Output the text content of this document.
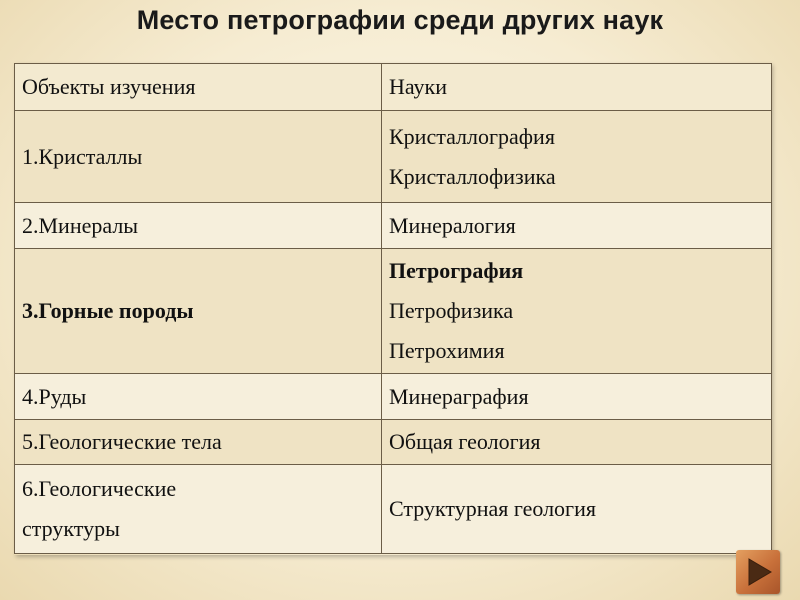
Место петрографии среди других наук
Объекты изучения	Науки
1.Кристаллы	Кристаллография
Кристаллофизика

2.Минералы	Минералогия

3.Горные породы	Петрография
Петрофизика
Петрохимия

4.Руды	Минераграфия

5.Геологические тела	Общая геология

6.Геологические
структуры	Структурная геология
